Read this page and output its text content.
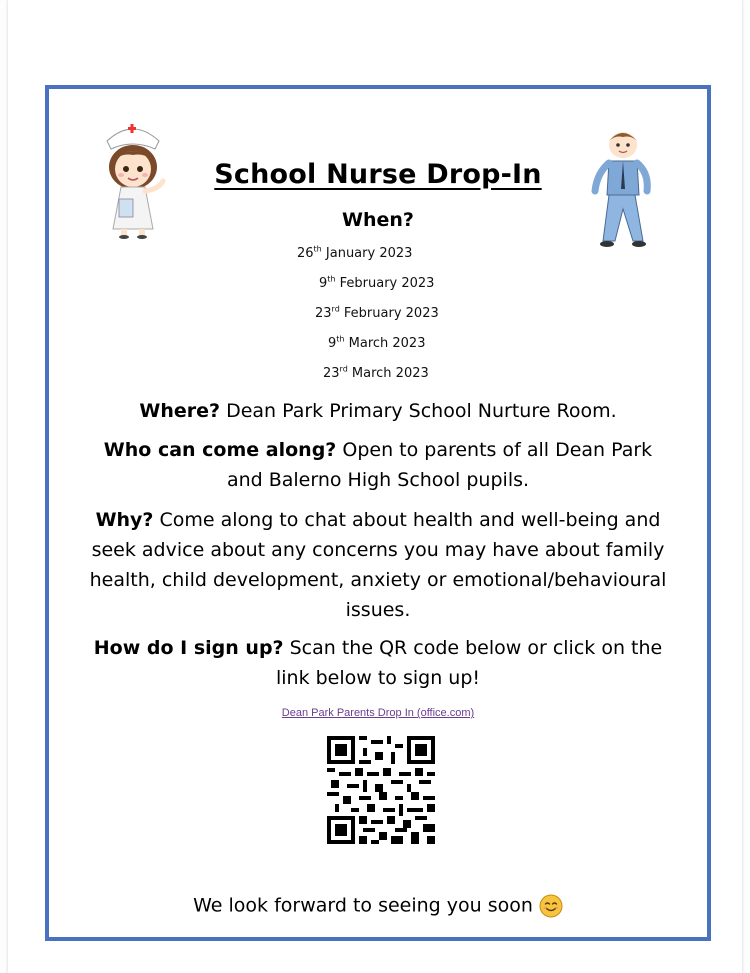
School Nurse Drop-In
When?
26th January 2023
9th February 2023
23rd February 2023
9th March 2023
23rd March 2023
Where? Dean Park Primary School Nurture Room.
Who can come along? Open to parents of all Dean Park and Balerno High School pupils.
Why? Come along to chat about health and well-being and seek advice about any concerns you may have about family health, child development, anxiety or emotional/behavioural issues.
How do I sign up? Scan the QR code below or click on the link below to sign up!
Dean Park Parents Drop In (office.com)
We look forward to seeing you soon
